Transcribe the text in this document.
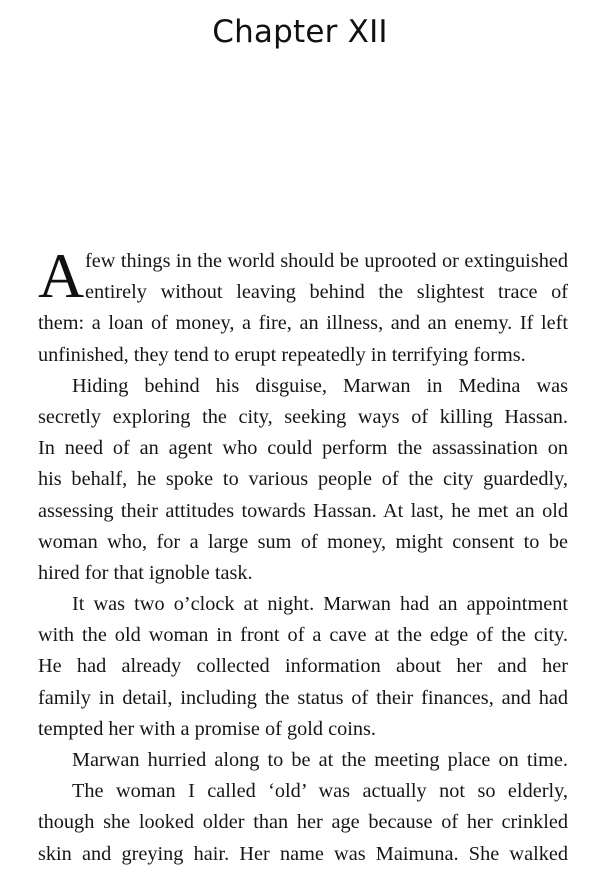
Chapter XII

A few things in the world should be uprooted or extinguished
entirely without leaving behind the slightest trace of
them: a loan of money, a fire, an illness, and an enemy. If left
unfinished, they tend to erupt repeatedly in terrifying forms.

Hiding behind his disguise, Marwan in Medina was
secretly exploring the city, seeking ways of killing Hassan.
In need of an agent who could perform the assassination on
his behalf, he spoke to various people of the city guardedly,
assessing their attitudes towards Hassan. At last, he met an old
woman who, for a large sum of money, might consent to be
hired for that ignoble task.

It was two o’clock at night. Marwan had an appointment
with the old woman in front of a cave at the edge of the city.
He had already collected information about her and her
family in detail, including the status of their finances, and had
tempted her with a promise of gold coins.

Marwan hurried along to be at the meeting place on time.

The woman I called ‘old’ was actually not so elderly,
though she looked older than her age because of her crinkled
skin and greying hair. Her name was Maimuna. She walked
